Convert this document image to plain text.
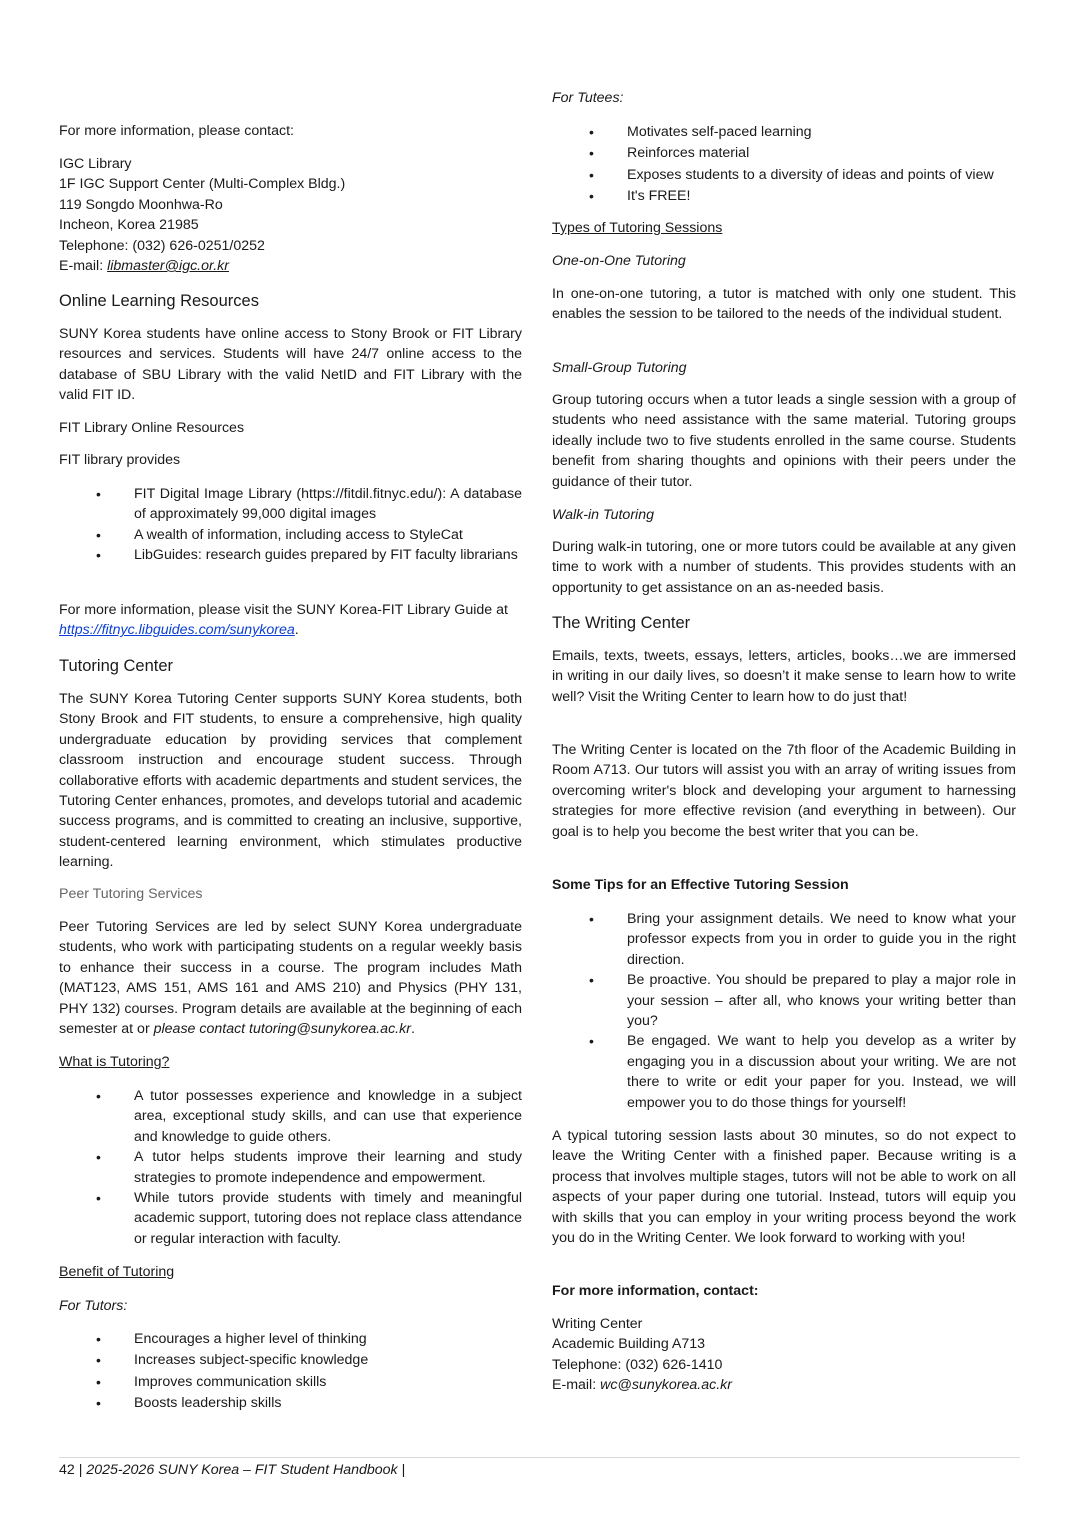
For more information, please contact:

IGC Library

1F IGC Support Center (Multi-Complex Bldg.)

119 Songdo Moonhwa-Ro

Incheon, Korea 21985

Telephone: (032) 626-0251/0252

E-mail: libmaster@igc.or.kr

Online Learning Resources

SUNY Korea students have online access to Stony Brook or FIT Library resources and services. Students will have 24/7 online access to the database of SBU Library with the valid NetID and FIT Library with the valid FIT ID.

FIT Library Online Resources

FIT library provides

• FIT Digital Image Library (https://fitdil.fitnyc.edu/): A database of approximately 99,000 digital images
• A wealth of information, including access to StyleCat
• LibGuides: research guides prepared by FIT faculty librarians

For more information, please visit the SUNY Korea-FIT Library Guide at https://fitnyc.libguides.com/sunykorea.

Tutoring Center

The SUNY Korea Tutoring Center supports SUNY Korea students, both Stony Brook and FIT students, to ensure a comprehensive, high quality undergraduate education by providing services that complement classroom instruction and encourage student success. Through collaborative efforts with academic departments and student services, the Tutoring Center enhances, promotes, and develops tutorial and academic success programs, and is committed to creating an inclusive, supportive, student-centered learning environment, which stimulates productive learning.

Peer Tutoring Services

Peer Tutoring Services are led by select SUNY Korea undergraduate students, who work with participating students on a regular weekly basis to enhance their success in a course. The program includes Math (MAT123, AMS 151, AMS 161 and AMS 210) and Physics (PHY 131, PHY 132) courses. Program details are available at the beginning of each semester at or please contact tutoring@sunykorea.ac.kr.

What is Tutoring?

• A tutor possesses experience and knowledge in a subject area, exceptional study skills, and can use that experience and knowledge to guide others.
• A tutor helps students improve their learning and study strategies to promote independence and empowerment.
• While tutors provide students with timely and meaningful academic support, tutoring does not replace class attendance or regular interaction with faculty.

Benefit of Tutoring

For Tutors:

• Encourages a higher level of thinking
• Increases subject-specific knowledge
• Improves communication skills
• Boosts leadership skills

For Tutees:

• Motivates self-paced learning
• Reinforces material
• Exposes students to a diversity of ideas and points of view
• It's FREE!

Types of Tutoring Sessions

One-on-One Tutoring

In one-on-one tutoring, a tutor is matched with only one student. This enables the session to be tailored to the needs of the individual student.

Small-Group Tutoring

Group tutoring occurs when a tutor leads a single session with a group of students who need assistance with the same material. Tutoring groups ideally include two to five students enrolled in the same course. Students benefit from sharing thoughts and opinions with their peers under the guidance of their tutor.

Walk-in Tutoring

During walk-in tutoring, one or more tutors could be available at any given time to work with a number of students. This provides students with an opportunity to get assistance on an as-needed basis.

The Writing Center

Emails, texts, tweets, essays, letters, articles, books…we are immersed in writing in our daily lives, so doesn’t it make sense to learn how to write well? Visit the Writing Center to learn how to do just that!

The Writing Center is located on the 7th floor of the Academic Building in Room A713. Our tutors will assist you with an array of writing issues from overcoming writer's block and developing your argument to harnessing strategies for more effective revision (and everything in between). Our goal is to help you become the best writer that you can be.

Some Tips for an Effective Tutoring Session

• Bring your assignment details. We need to know what your professor expects from you in order to guide you in the right direction.
• Be proactive. You should be prepared to play a major role in your session – after all, who knows your writing better than you?
• Be engaged. We want to help you develop as a writer by engaging you in a discussion about your writing. We are not there to write or edit your paper for you. Instead, we will empower you to do those things for yourself!

A typical tutoring session lasts about 30 minutes, so do not expect to leave the Writing Center with a finished paper. Because writing is a process that involves multiple stages, tutors will not be able to work on all aspects of your paper during one tutorial. Instead, tutors will equip you with skills that you can employ in your writing process beyond the work you do in the Writing Center. We look forward to working with you!

For more information, contact:

Writing Center

Academic Building A713

Telephone: (032) 626-1410

E-mail: wc@sunykorea.ac.kr

42 | 2025-2026 SUNY Korea – FIT Student Handbook |
